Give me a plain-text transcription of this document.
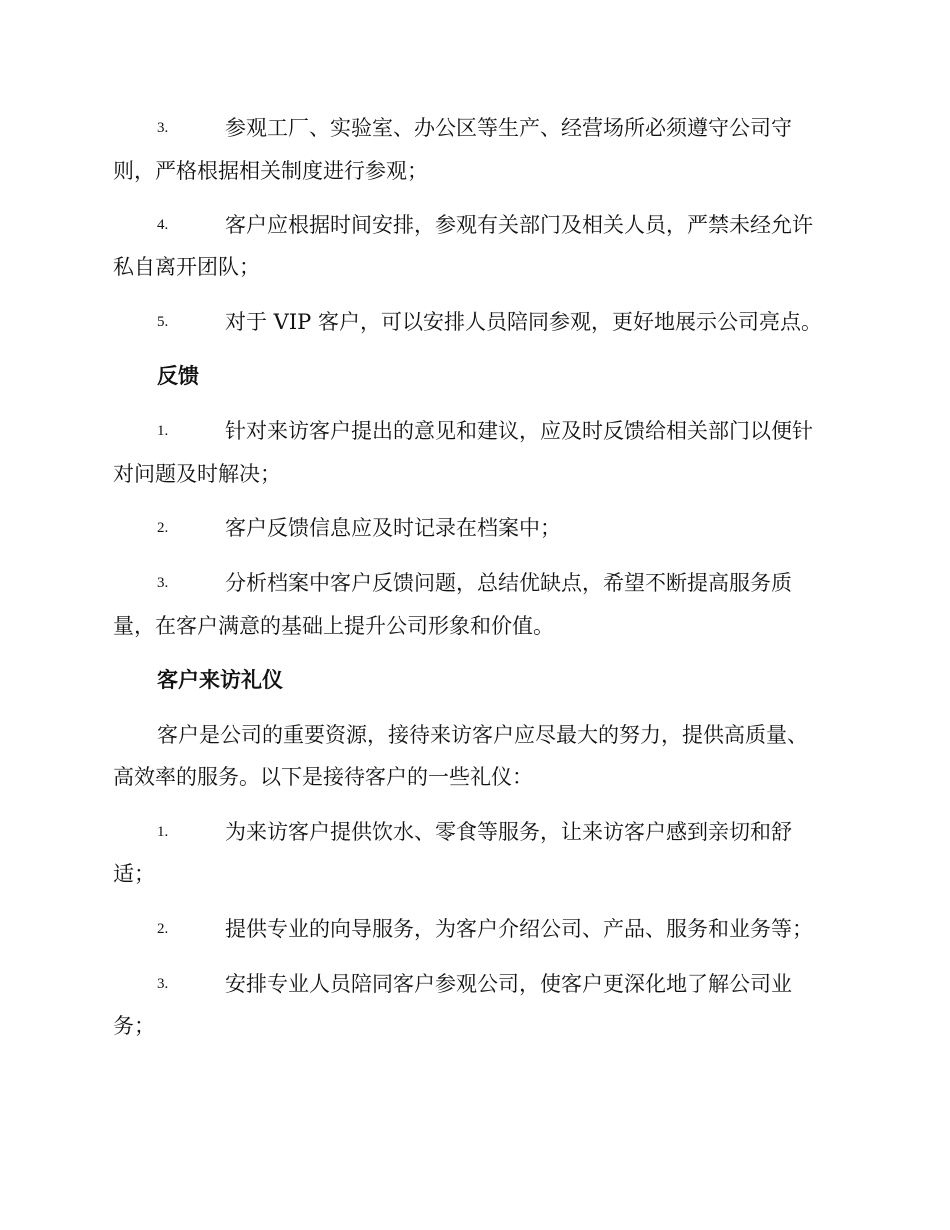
3.	参观工厂、实验室、办公区等生产、经营场所必须遵守公司守
则，严格根据相关制度进行参观；
4.	客户应根据时间安排，参观有关部门及相关人员，严禁未经允许
私自离开团队；
5.	对于 VIP 客户，可以安排人员陪同参观，更好地展示公司亮点。
反馈
1.	针对来访客户提出的意见和建议，应及时反馈给相关部门以便针
对问题及时解决；
2.	客户反馈信息应及时记录在档案中；
3.	分析档案中客户反馈问题，总结优缺点，希望不断提高服务质
量，在客户满意的基础上提升公司形象和价值。
客户来访礼仪
客户是公司的重要资源，接待来访客户应尽最大的努力，提供高质量、
高效率的服务。以下是接待客户的一些礼仪：
1.	为来访客户提供饮水、零食等服务，让来访客户感到亲切和舒
适；
2.	提供专业的向导服务，为客户介绍公司、产品、服务和业务等；
3.	安排专业人员陪同客户参观公司，使客户更深化地了解公司业
务；
